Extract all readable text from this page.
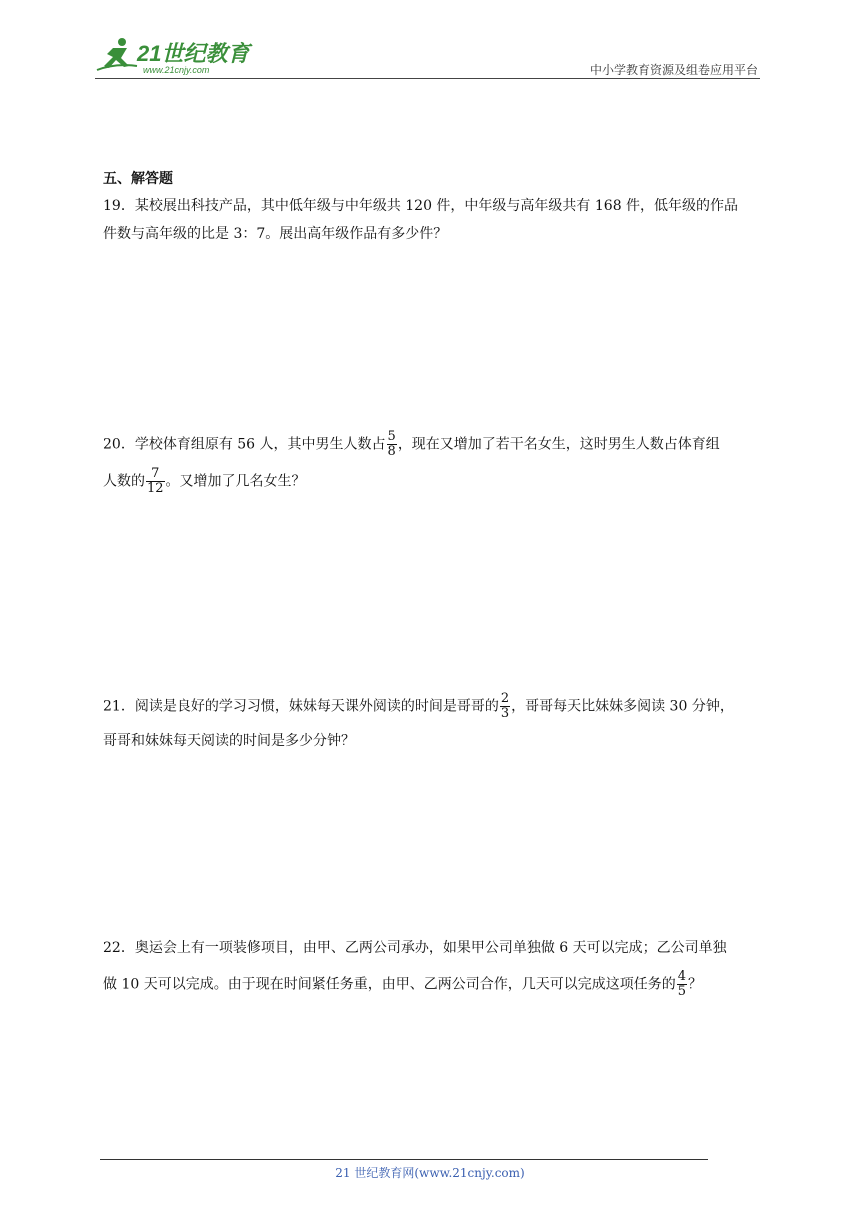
21世纪教育
www.21cnjy.com	中小学教育资源及组卷应用平台
五、解答题
19．某校展出科技产品，其中低年级与中年级共 120 件，中年级与高年级共有 168 件，低年级的作品
件数与高年级的比是 3：7。展出高年级作品有多少件？
20．学校体育组原有 56 人，其中男生人数占 $\frac{5}{8}$ ，现在又增加了若干名女生，这时男生人数占体育组
人数的 $\frac{7}{12}$ 。又增加了几名女生？
21．阅读是良好的学习习惯，妹妹每天课外阅读的时间是哥哥的 $\frac{2}{3}$ ，哥哥每天比妹妹多阅读 30 分钟，
哥哥和妹妹每天阅读的时间是多少分钟？
22．奥运会上有一项装修项目，由甲、乙两公司承办，如果甲公司单独做 6 天可以完成；乙公司单独
做 10 天可以完成。由于现在时间紧任务重，由甲、乙两公司合作，几天可以完成这项任务的 $\frac{4}{5}$ ？
21 世纪教育网(www.21cnjy.com)
